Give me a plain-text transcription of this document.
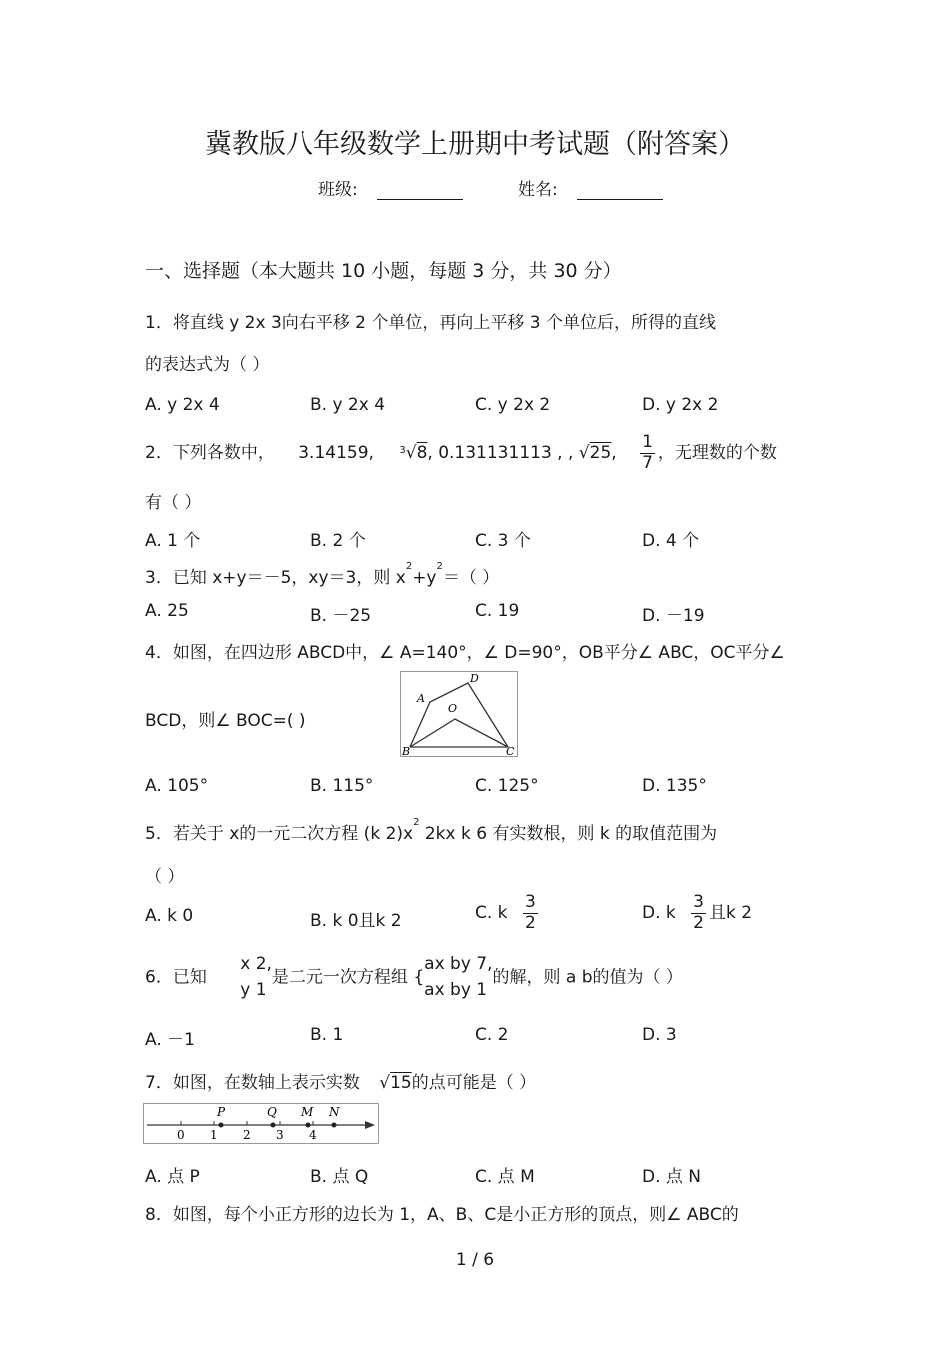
冀教版八年级数学上册期中考试题（附答案）
班级:	姓名:
一、选择题（本大题共 10 小题，每题 3 分，共 30 分）
1．将直线 y 2x 3向右平移 2 个单位，再向上平移 3 个单位后，所得的直线
的表达式为（ ）
A. y 2x 4	B. y 2x 4	C. y 2x 2	D. y 2x 2
2．下列各数中， 3.14159,	$^3$√8, 0.131131113 , , √25, $\frac{1}{7}$ ，无理数的个数
有（ ）
A. 1 个	B. 2 个	C. 3 个	D. 4 个
3．已知 x+y＝－5，xy＝3，则 $x^2+y^2=$（ ）
A. 25	B. －25	C. 19	D. －19
4．如图，在四边形 ABCD中，∠ A=140°，∠ D=90°，OB平分∠ ABC，OC平分∠
BCD，则∠ BOC=( )
A
D
O
B	C
A. 105°	B. 115°	C. 125°	D. 135°
5．若关于 x的一元二次方程 (k $2)x^2$ 2kx k 6 有实数根，则 k 的取值范围为
（ ）
A. k 0	B. k 0且k 2	C. k $\frac{3}{2}$	D. k $\frac{3}{2}$ 且k 2
6．已知
x 2,
y 1
是二元一次方程组 {
ax by 7,
ax by 1
的解，则 a b的值为（ ）
A. －1	B. 1	C. 2	D. 3
7．如图，在数轴上表示实数 √15的点可能是（ ）
0 1 2 3 4
P	Q M N
A. 点 P	B. 点 Q	C. 点 M	D. 点 N
8．如图，每个小正方形的边长为 1，A、B、C是小正方形的顶点，则∠ ABC的
1 / 6
